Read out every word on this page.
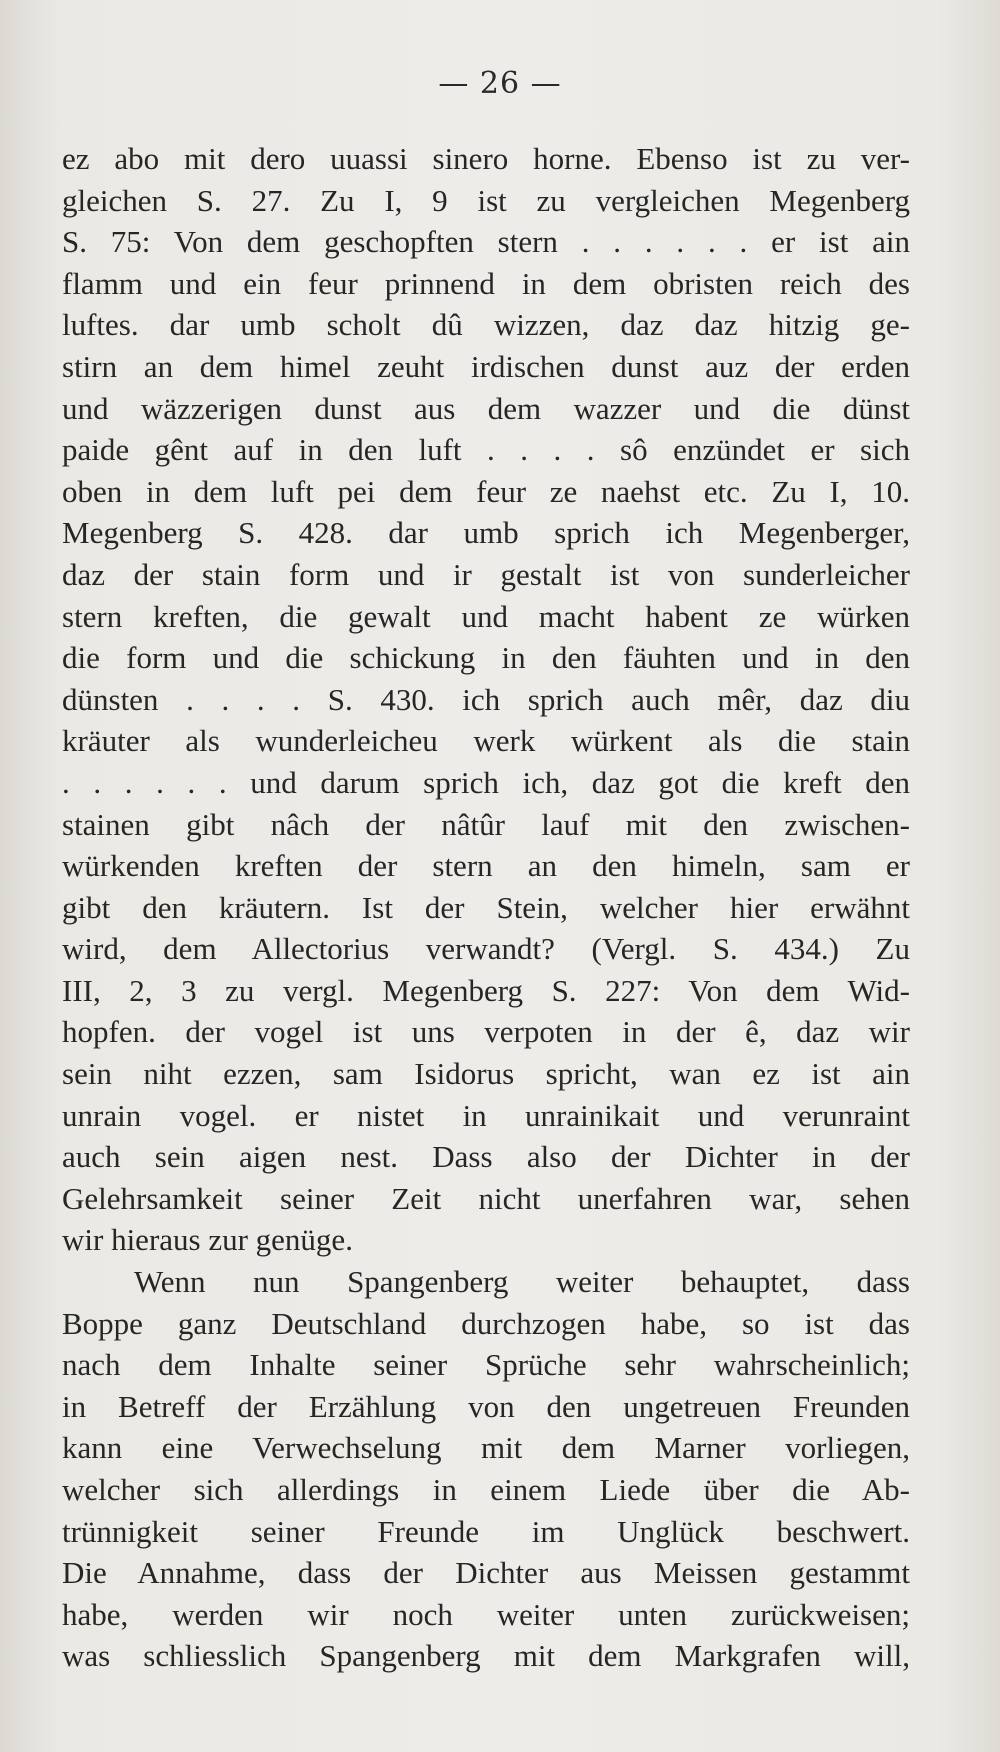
— 26 —
ez abo mit dero uuassi sinero horne. Ebenso ist zu ver-
gleichen S. 27. Zu I, 9 ist zu vergleichen Megenberg
S. 75: Von dem geschopften stern . . . . . . er ist ain
flamm und ein feur prinnend in dem obristen reich des
luftes. dar umb scholt dû wizzen, daz daz hitzig ge-
stirn an dem himel zeuht irdischen dunst auz der erden
und wäzzerigen dunst aus dem wazzer und die dünst
paide gênt auf in den luft . . . . sô enzündet er sich
oben in dem luft pei dem feur ze naehst etc. Zu I, 10.
Megenberg S. 428. dar umb sprich ich Megenberger,
daz der stain form und ir gestalt ist von sunderleicher
stern kreften, die gewalt und macht habent ze würken
die form und die schickung in den fäuhten und in den
dünsten . . . . S. 430. ich sprich auch mêr, daz diu
kräuter als wunderleicheu werk würkent als die stain
. . . . . . und darum sprich ich, daz got die kreft den
stainen gibt nâch der nâtûr lauf mit den zwischen-
würkenden kreften der stern an den himeln, sam er
gibt den kräutern. Ist der Stein, welcher hier erwähnt
wird, dem Allectorius verwandt? (Vergl. S. 434.) Zu
III, 2, 3 zu vergl. Megenberg S. 227: Von dem Wid-
hopfen. der vogel ist uns verpoten in der ê, daz wir
sein niht ezzen, sam Isidorus spricht, wan ez ist ain
unrain vogel. er nistet in unrainikait und verunraint
auch sein aigen nest. Dass also der Dichter in der
Gelehrsamkeit seiner Zeit nicht unerfahren war, sehen
wir hieraus zur genüge.
Wenn nun Spangenberg weiter behauptet, dass
Boppe ganz Deutschland durchzogen habe, so ist das
nach dem Inhalte seiner Sprüche sehr wahrscheinlich;
in Betreff der Erzählung von den ungetreuen Freunden
kann eine Verwechselung mit dem Marner vorliegen,
welcher sich allerdings in einem Liede über die Ab-
trünnigkeit seiner Freunde im Unglück beschwert.
Die Annahme, dass der Dichter aus Meissen gestammt
habe, werden wir noch weiter unten zurückweisen;
was schliesslich Spangenberg mit dem Markgrafen will,
